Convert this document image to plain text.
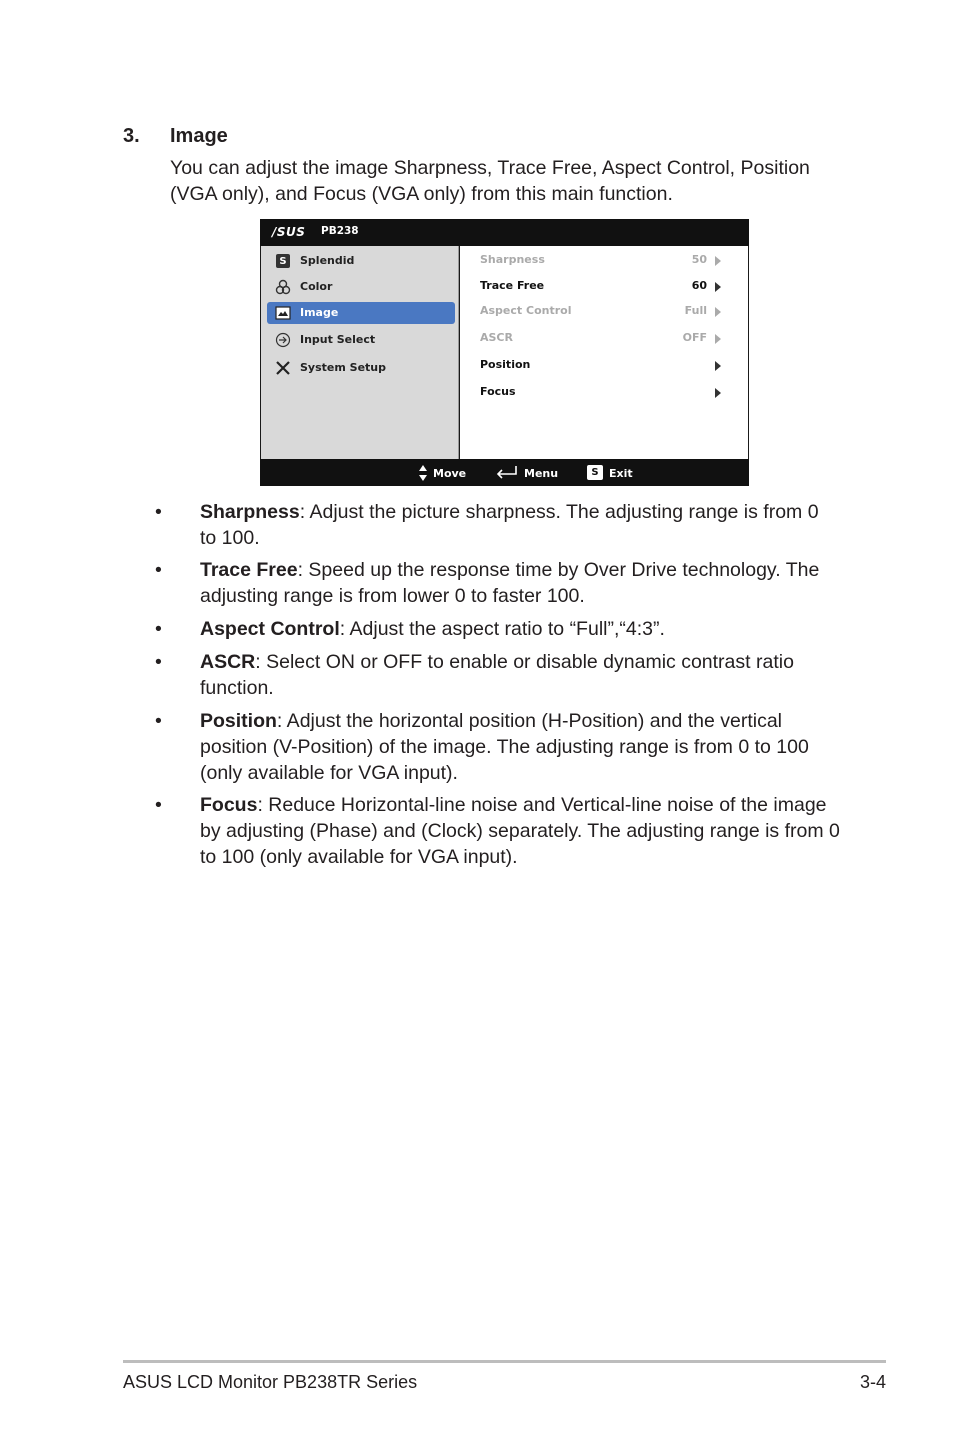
3. Image
You can adjust the image Sharpness, Trace Free, Aspect Control, Position (VGA only), and Focus (VGA only) from this main function.
/SUS PB238
S	Splendid
Color
Image
Input Select
System Setup
Sharpness	50
Trace Free	60
Aspect Control	Full
ASCR	OFF
Position
Focus
Move	Menu	S Exit
• Sharpness: Adjust the picture sharpness. The adjusting range is from 0 to 100.
• Trace Free: Speed up the response time by Over Drive technology. The adjusting range is from lower 0 to faster 100.
• Aspect Control: Adjust the aspect ratio to “Full”,“4:3”.
• ASCR: Select ON or OFF to enable or disable dynamic contrast ratio function.
• Position: Adjust the horizontal position (H-Position) and the vertical position (V-Position) of the image. The adjusting range is from 0 to 100 (only available for VGA input).
• Focus: Reduce Horizontal-line noise and Vertical-line noise of the image by adjusting (Phase) and (Clock) separately. The adjusting range is from 0 to 100 (only available for VGA input).
ASUS LCD Monitor PB238TR Series	3-4
